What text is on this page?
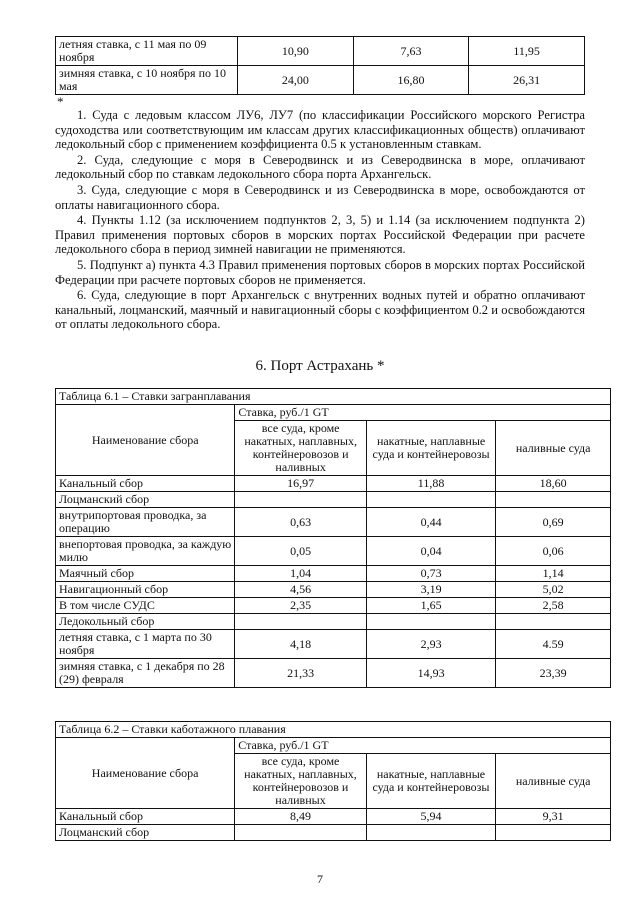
летняя ставка, с 11 мая по 09 ноября	10,90	7,63	11,95
зимняя ставка, с 10 ноября по 10 мая	24,00	16,80	26,31
*

1. Суда с ледовым классом ЛУ6, ЛУ7 (по классификации Российского морского Регистра судоходства или соответствующим им классам других классификационных обществ) оплачивают ледокольный сбор с применением коэффициента 0.5 к установленным ставкам.

2. Суда, следующие с моря в Северодвинск и из Северодвинска в море, оплачивают ледокольный сбор по ставкам ледокольного сбора порта Архангельск.

3. Суда, следующие с моря в Северодвинск и из Северодвинска в море, освобождаются от оплаты навигационного сбора.

4. Пункты 1.12 (за исключением подпунктов 2, 3, 5) и 1.14 (за исключением подпункта 2) Правил применения портовых сборов в морских портах Российской Федерации при расчете ледокольного сбора в период зимней навигации не применяются.

5. Подпункт а) пункта 4.3 Правил применения портовых сборов в морских портах Российской Федерации при расчете портовых сборов не применяется.

6. Суда, следующие в порт Архангельск с внутренних водных путей и обратно оплачивают канальный, лоцманский, маячный и навигационный сборы с коэффициентом 0.2 и освобождаются от оплаты ледокольного сбора.

6. Порт Астрахань *
Таблица 6.1 – Ставки загранплавания			
Наименование сбора	Ставка, руб./1 GT		
	все суда, кроме накатных, наплавных, контейнеровозов и наливных	накатные, наплавные суда и контейнеровозы	наливные суда
Канальный сбор	16,97	11,88	18,60
Лоцманский сбор			
внутрипортовая проводка, за операцию	0,63	0,44	0,69
внепортовая проводка, за каждую милю	0,05	0,04	0,06
Маячный сбор	1,04	0,73	1,14
Навигационный сбор	4,56	3,19	5,02
В том числе СУДС	2,35	1,65	2,58
Ледокольный сбор			
летняя ставка, с 1 марта по 30 ноября	4,18	2,93	4.59
зимняя ставка, с 1 декабря по 28 (29) февраля	21,33	14,93	23,39
Таблица 6.2 – Ставки каботажного плавания			
Наименование сбора	Ставка, руб./1 GT		
	все суда, кроме накатных, наплавных, контейнеровозов и наливных	накатные, наплавные суда и контейнеровозы	наливные суда
Канальный сбор	8,49	5,94	9,31
Лоцманский сбор			
7
